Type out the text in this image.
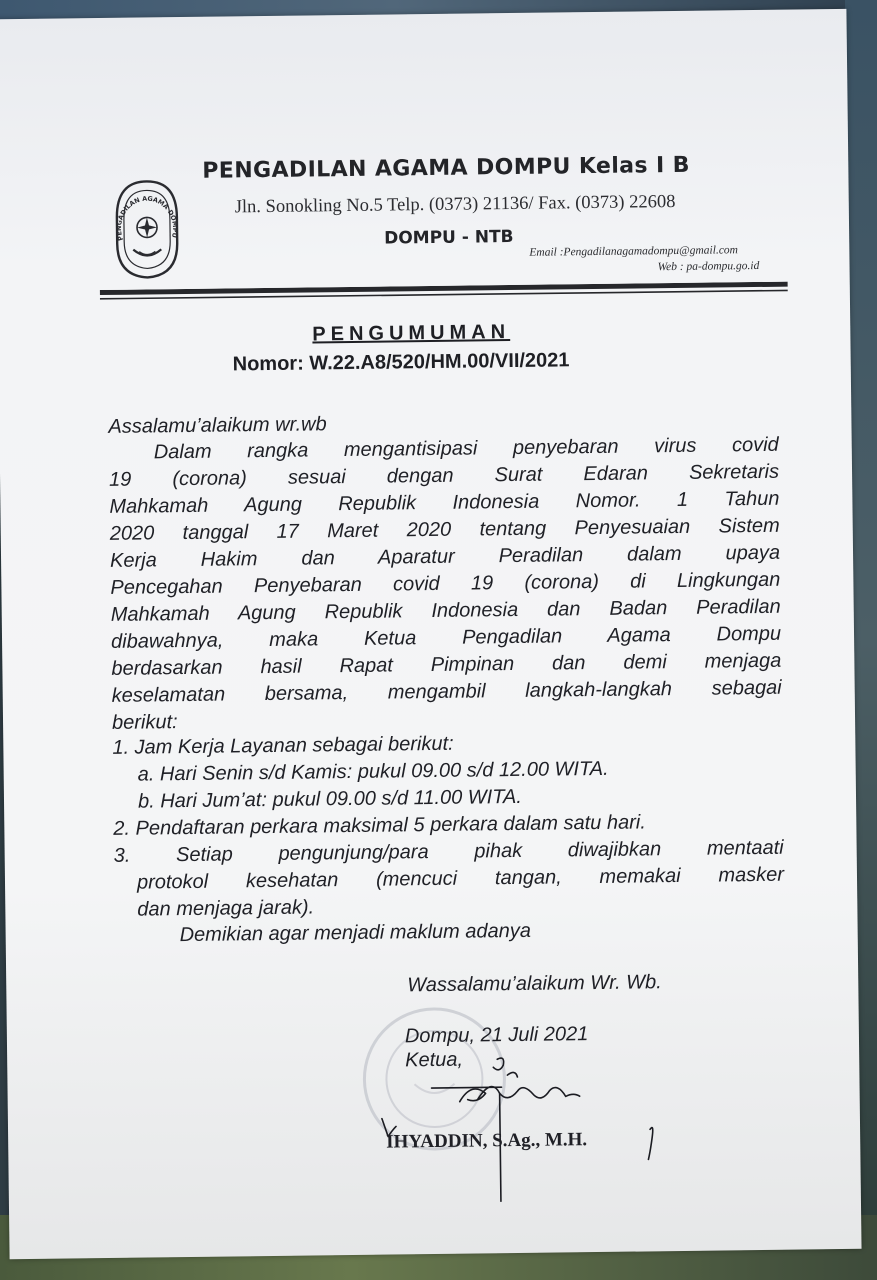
PENGADILAN AGAMA DOMPU
PENGADILAN AGAMA DOMPU Kelas I B
Jln. Sonokling No.5 Telp. (0373) 21136/ Fax. (0373) 22608
DOMPU - NTB
Email :Pengadilanagamadompu@gmail.com
Web : pa-dompu.go.id
PENGUMUMAN
Nomor: W.22.A8/520/HM.00/VII/2021
Assalamu’alaikum wr.wb
Dalam rangka mengantisipasi penyebaran virus covid
19 (corona) sesuai dengan Surat Edaran Sekretaris
Mahkamah Agung Republik Indonesia Nomor. 1 Tahun
2020 tanggal 17 Maret 2020 tentang Penyesuaian Sistem
Kerja Hakim dan Aparatur Peradilan dalam upaya
Pencegahan Penyebaran covid 19 (corona) di Lingkungan
Mahkamah Agung Republik Indonesia dan Badan Peradilan
dibawahnya, maka Ketua Pengadilan Agama Dompu
berdasarkan hasil Rapat Pimpinan dan demi menjaga
keselamatan bersama, mengambil langkah-langkah sebagai
berikut:
1. Jam Kerja Layanan sebagai berikut:
a. Hari Senin s/d Kamis: pukul 09.00 s/d 12.00 WITA.
b. Hari Jum’at: pukul 09.00 s/d 11.00 WITA.
2. Pendaftaran perkara maksimal 5 perkara dalam satu hari.
3. Setiap pengunjung/para pihak diwajibkan mentaati
protokol kesehatan (mencuci tangan, memakai masker
dan menjaga jarak).
Demikian agar menjadi maklum adanya
Wassalamu’alaikum Wr. Wb.
Dompu, 21 Juli 2021
Ketua,
IHYADDIN, S.Ag., M.H.
